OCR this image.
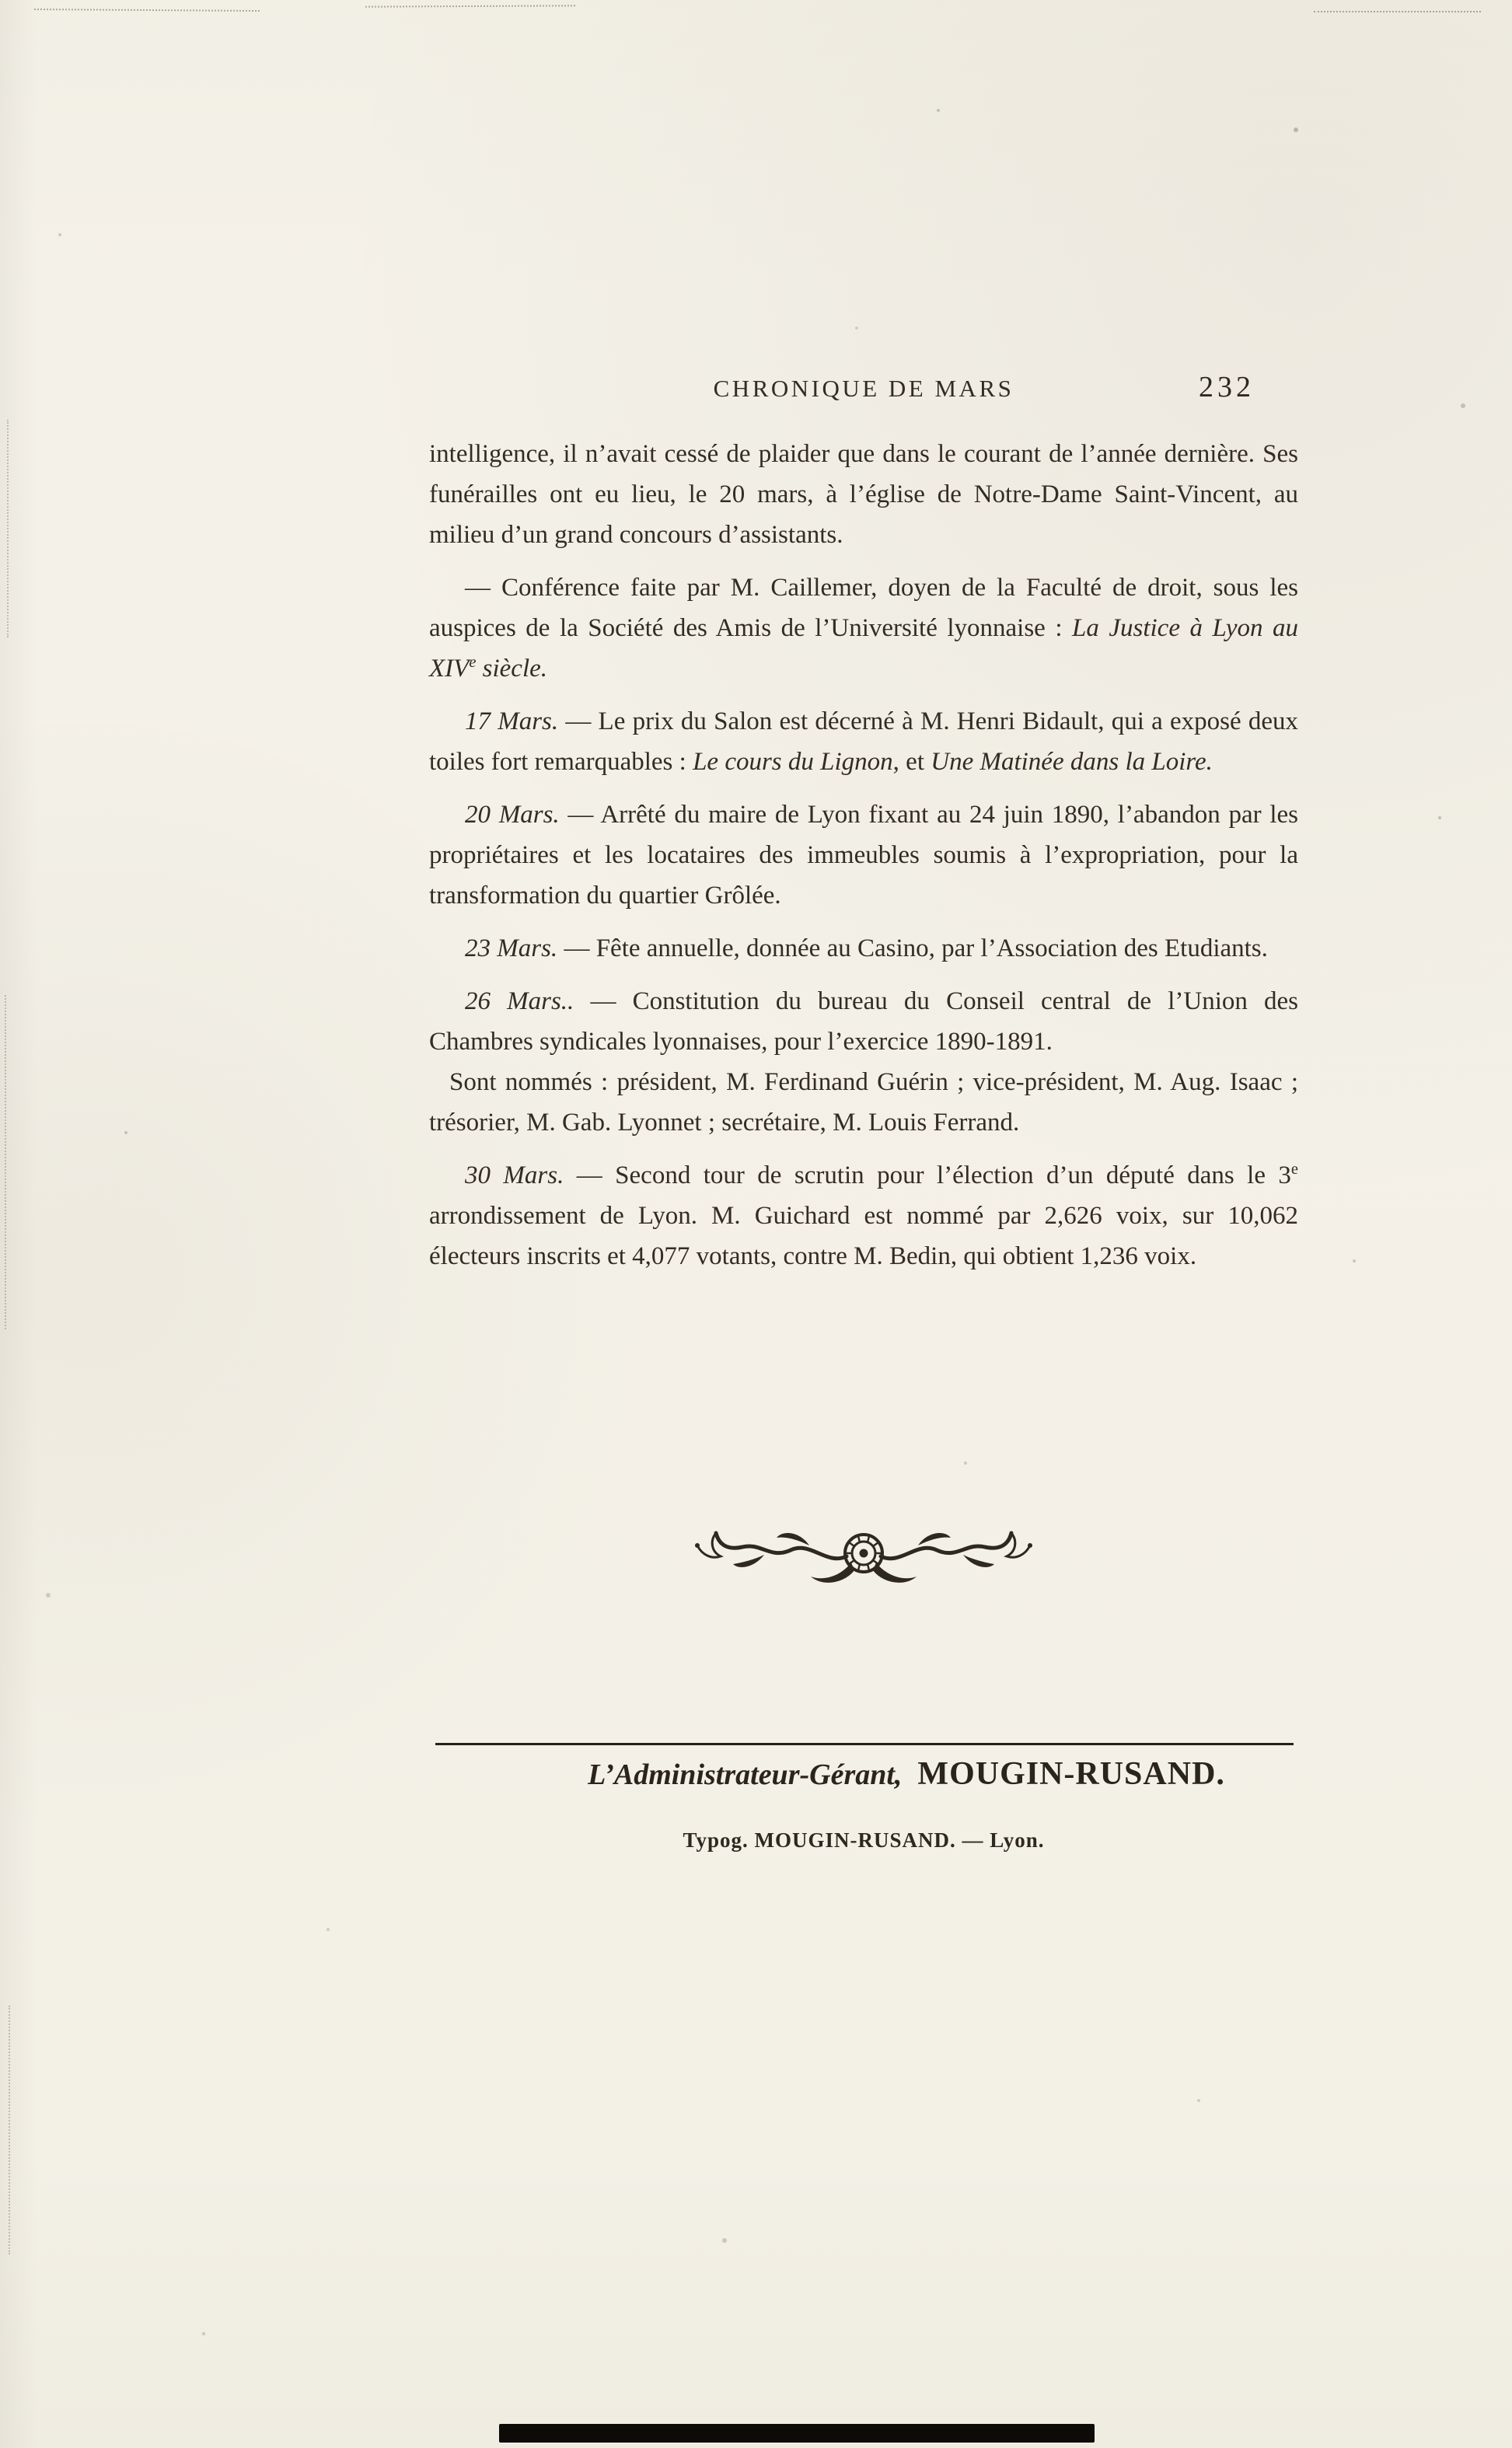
CHRONIQUE DE MARS	232

intelligence, il n’avait cessé de plaider que dans le courant de l’année dernière. Ses funérailles ont eu lieu, le 20 mars, à l’église de Notre-Dame Saint-Vincent, au milieu d’un grand concours d’assistants.

— Conférence faite par M. Caillemer, doyen de la Faculté de droit, sous les auspices de la Société des Amis de l’Université lyonnaise : La Justice à Lyon au XIVe siècle.

17 Mars. — Le prix du Salon est décerné à M. Henri Bidault, qui a exposé deux toiles fort remarquables : Le cours du Lignon, et Une Matinée dans la Loire.

20 Mars. — Arrêté du maire de Lyon fixant au 24 juin 1890, l’abandon par les propriétaires et les locataires des immeubles soumis à l’expropriation, pour la transformation du quartier Grôlée.

23 Mars. — Fête annuelle, donnée au Casino, par l’Association des Etudiants.

26 Mars.. — Constitution du bureau du Conseil central de l’Union des Chambres syndicales lyonnaises, pour l’exercice 1890-1891.

Sont nommés : président, M. Ferdinand Guérin ; vice-président, M. Aug. Isaac ; trésorier, M. Gab. Lyonnet ; secrétaire, M. Louis Ferrand.

30 Mars. — Second tour de scrutin pour l’élection d’un député dans le 3e arrondissement de Lyon. M. Guichard est nommé par 2,626 voix, sur 10,062 électeurs inscrits et 4,077 votants, contre M. Bedin, qui obtient 1,236 voix.

L’Administrateur-Gérant, MOUGIN-RUSAND.
Typog. MOUGIN-RUSAND. — Lyon.
